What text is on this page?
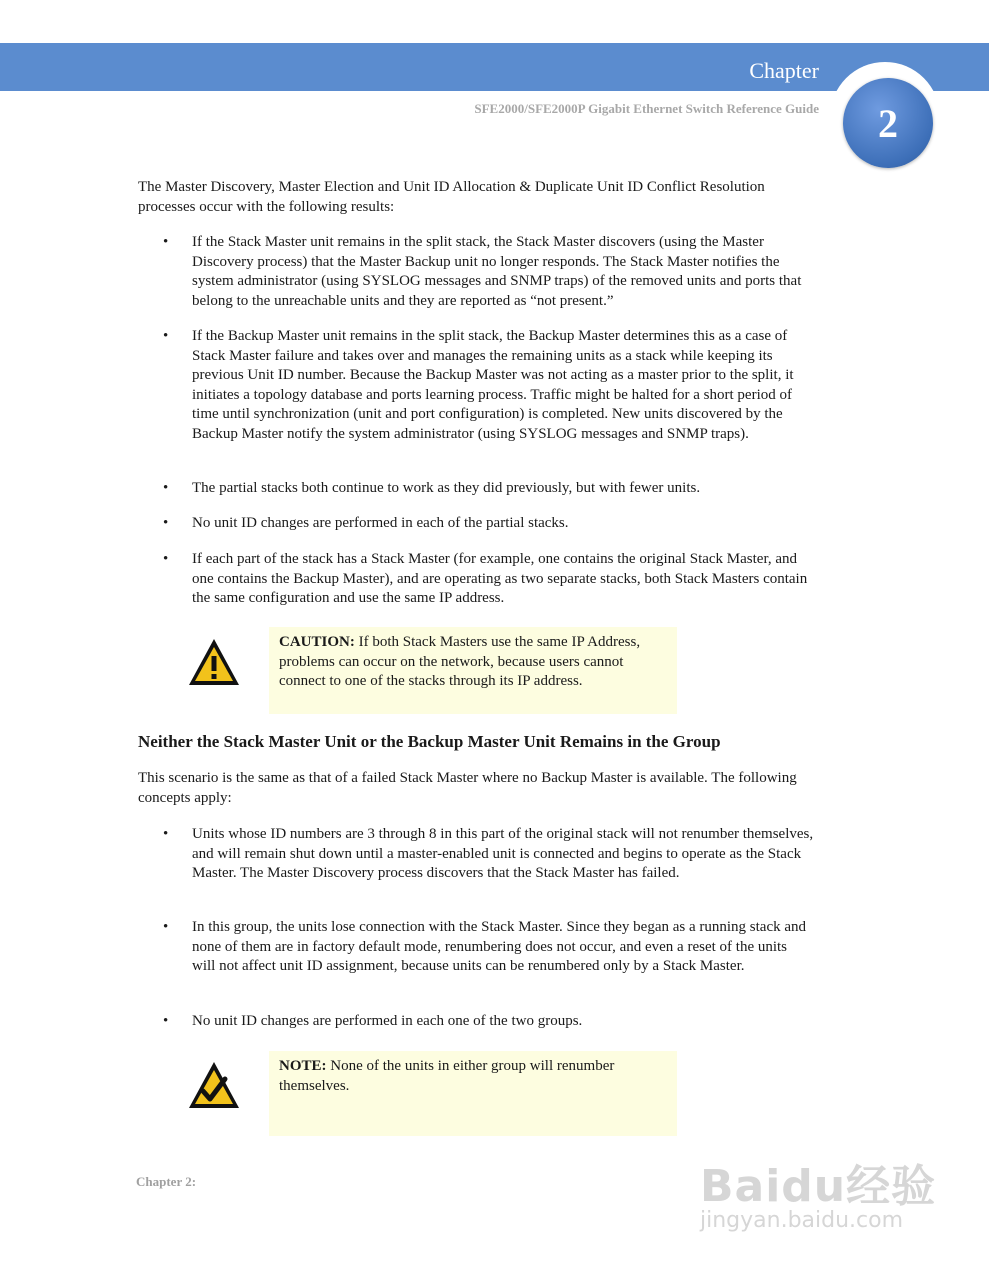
Chapter
2
SFE2000/SFE2000P Gigabit Ethernet Switch Reference Guide

The Master Discovery, Master Election and Unit ID Allocation & Duplicate Unit ID Conflict Resolution processes occur with the following results:

• If the Stack Master unit remains in the split stack, the Stack Master discovers (using the Master Discovery process) that the Master Backup unit no longer responds. The Stack Master notifies the system administrator (using SYSLOG messages and SNMP traps) of the removed units and ports that belong to the unreachable units and they are reported as “not present.”
• If the Backup Master unit remains in the split stack, the Backup Master determines this as a case of Stack Master failure and takes over and manages the remaining units as a stack while keeping its previous Unit ID number. Because the Backup Master was not acting as a master prior to the split, it initiates a topology database and ports learning process. Traffic might be halted for a short period of time until synchronization (unit and port configuration) is completed. New units discovered by the Backup Master notify the system administrator (using SYSLOG messages and SNMP traps).
• The partial stacks both continue to work as they did previously, but with fewer units.
• No unit ID changes are performed in each of the partial stacks.
• If each part of the stack has a Stack Master (for example, one contains the original Stack Master, and one contains the Backup Master), and are operating as two separate stacks, both Stack Masters contain the same configuration and use the same IP address.
CAUTION: If both Stack Masters use the same IP Address, problems can occur on the network, because users cannot connect to one of the stacks through its IP address.
Neither the Stack Master Unit or the Backup Master Unit Remains in the Group

This scenario is the same as that of a failed Stack Master where no Backup Master is available. The following concepts apply:

• Units whose ID numbers are 3 through 8 in this part of the original stack will not renumber themselves, and will remain shut down until a master-enabled unit is connected and begins to operate as the Stack Master. The Master Discovery process discovers that the Stack Master has failed.
• In this group, the units lose connection with the Stack Master. Since they began as a running stack and none of them are in factory default mode, renumbering does not occur, and even a reset of the units will not affect unit ID assignment, because units can be renumbered only by a Stack Master.
• No unit ID changes are performed in each one of the two groups.
NOTE: None of the units in either group will renumber themselves.
Chapter 2:	Baidu经验
jingyan.baidu.com
